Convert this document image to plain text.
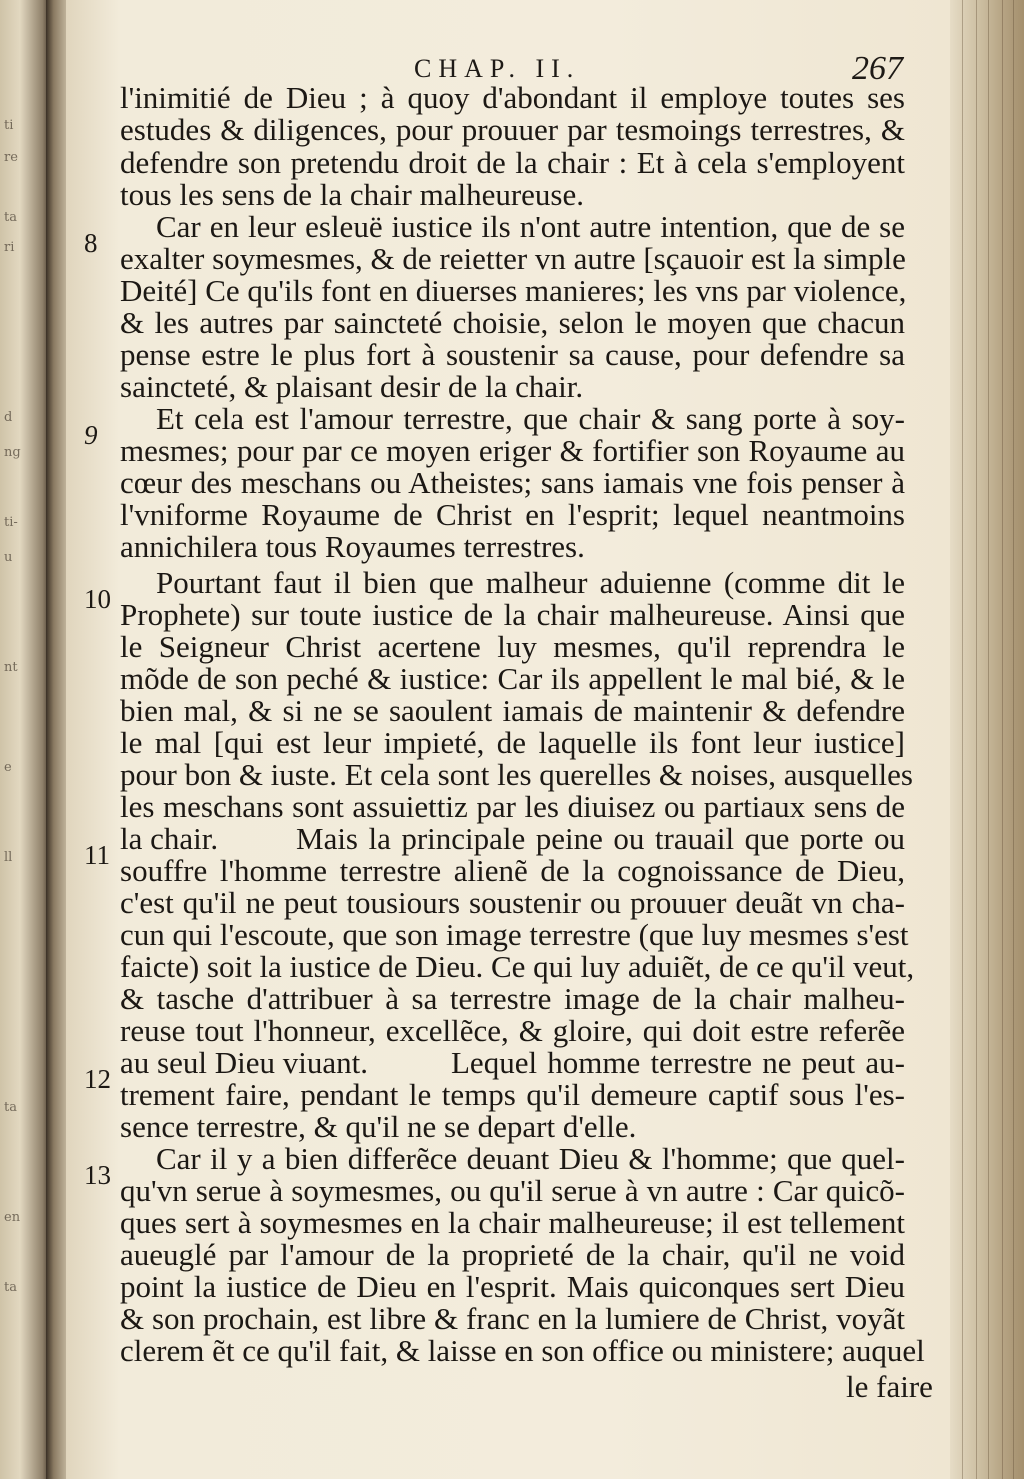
ti
re
ta
ri
d
ng
ti-
u
nt
e
ll
ta
en
ta
CHAP. II.	267
8
9
10
11
12
13
l'inimitié de Dieu ; à quoy d'abondant il employe toutes ses
estudes & diligences, pour prouuer par tesmoings terrestres, &
defendre son pretendu droit de la chair : Et à cela s'employent
tous les sens de la chair malheureuse.
Car en leur esleuë iustice ils n'ont autre intention, que de se
exalter soymesmes, & de reietter vn autre [sçauoir est la simple
Deité] Ce qu'ils font en diuerses manieres; les vns par violence,
& les autres par saincteté choisie, selon le moyen que chacun
pense estre le plus fort à soustenir sa cause, pour defendre sa
saincteté, & plaisant desir de la chair.
Et cela est l'amour terrestre, que chair & sang porte à soy-
mesmes; pour par ce moyen eriger & fortifier son Royaume au
cœur des meschans ou Atheistes; sans iamais vne fois penser à
l'vniforme Royaume de Christ en l'esprit; lequel neantmoins
annichilera tous Royaumes terrestres.
Pourtant faut il bien que malheur aduienne (comme dit le
Prophete) sur toute iustice de la chair malheureuse. Ainsi que
le Seigneur Christ acertene luy mesmes, qu'il reprendra le
mõde de son peché & iustice: Car ils appellent le mal bié, & le
bien mal, & si ne se saoulent iamais de maintenir & defendre
le mal [qui est leur impieté, de laquelle ils font leur iustice]
pour bon & iuste. Et cela sont les querelles & noises, ausquelles
les meschans sont assuiettiz par les diuisez ou partiaux sens de
la chair.	Mais la principale peine ou trauail que porte ou
souffre l'homme terrestre alienẽ de la cognoissance de Dieu,
c'est qu'il ne peut tousiours soustenir ou prouuer deuãt vn cha-
cun qui l'escoute, que son image terrestre (que luy mesmes s'est
faicte) soit la iustice de Dieu. Ce qui luy aduiẽt, de ce qu'il veut,
& tasche d'attribuer à sa terrestre image de la chair malheu-
reuse tout l'honneur, excellẽce, & gloire, qui doit estre referẽe
au seul Dieu viuant.	Lequel homme terrestre ne peut au-
trement faire, pendant le temps qu'il demeure captif sous l'es-
sence terrestre, & qu'il ne se depart d'elle.
Car il y a bien differẽce deuant Dieu & l'homme; que quel-
qu'vn serue à soymesmes, ou qu'il serue à vn autre : Car quicõ-
ques sert à soymesmes en la chair malheureuse; il est tellement
aueuglé par l'amour de la proprieté de la chair, qu'il ne void
point la iustice de Dieu en l'esprit. Mais quiconques sert Dieu
& son prochain, est libre & franc en la lumiere de Christ, voyãt
clerem ẽt ce qu'il fait, & laisse en son office ou ministere; auquel
le faire
